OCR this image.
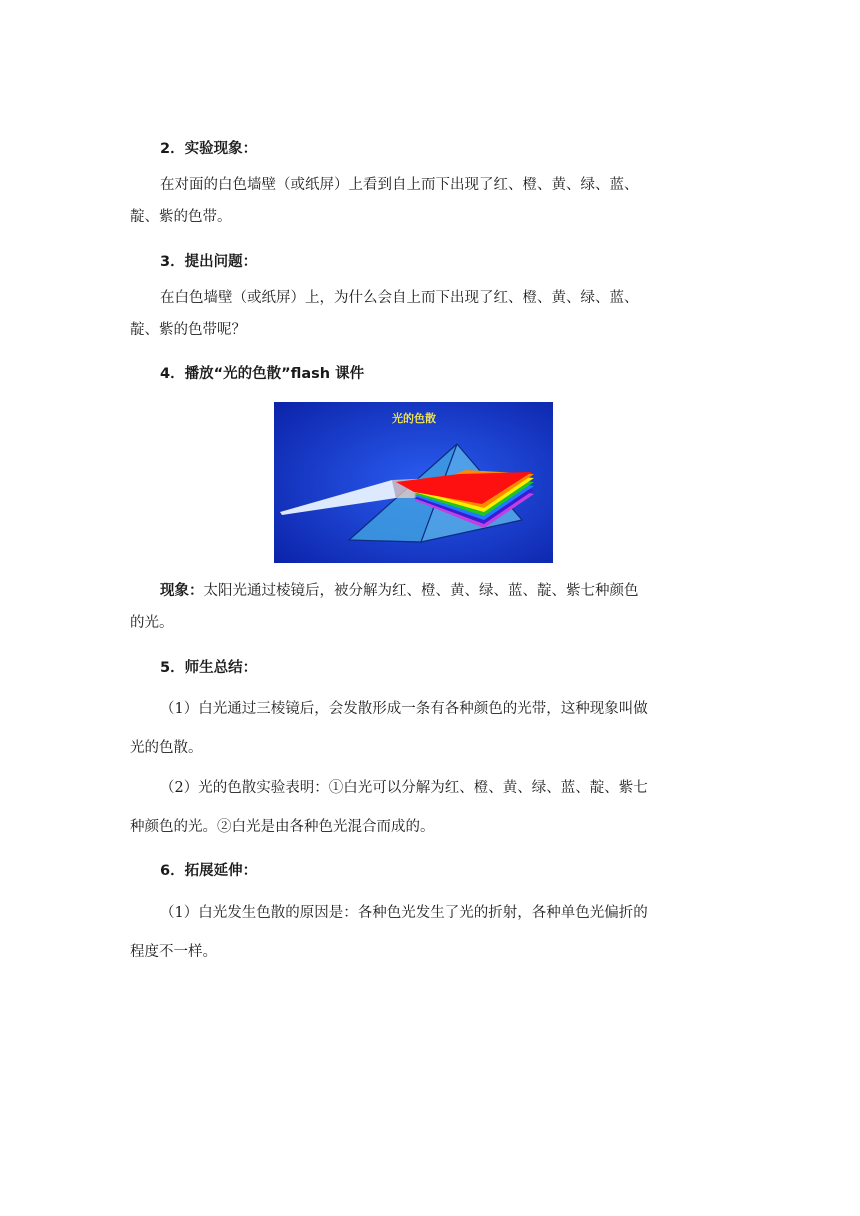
2．实验现象：
在对面的白色墙壁（或纸屏）上看到自上而下出现了红、橙、黄、绿、蓝、
靛、紫的色带。
3．提出问题：
在白色墙壁（或纸屏）上，为什么会自上而下出现了红、橙、黄、绿、蓝、
靛、紫的色带呢？
4．播放“光的色散”flash 课件
光的色散
现象：太阳光通过棱镜后，被分解为红、橙、黄、绿、蓝、靛、紫七种颜色
的光。
5．师生总结：
（1）白光通过三棱镜后，会发散形成一条有各种颜色的光带，这种现象叫做
光的色散。
（2）光的色散实验表明：①白光可以分解为红、橙、黄、绿、蓝、靛、紫七
种颜色的光。②白光是由各种色光混合而成的。
6．拓展延伸：
（1）白光发生色散的原因是：各种色光发生了光的折射，各种单色光偏折的
程度不一样。
